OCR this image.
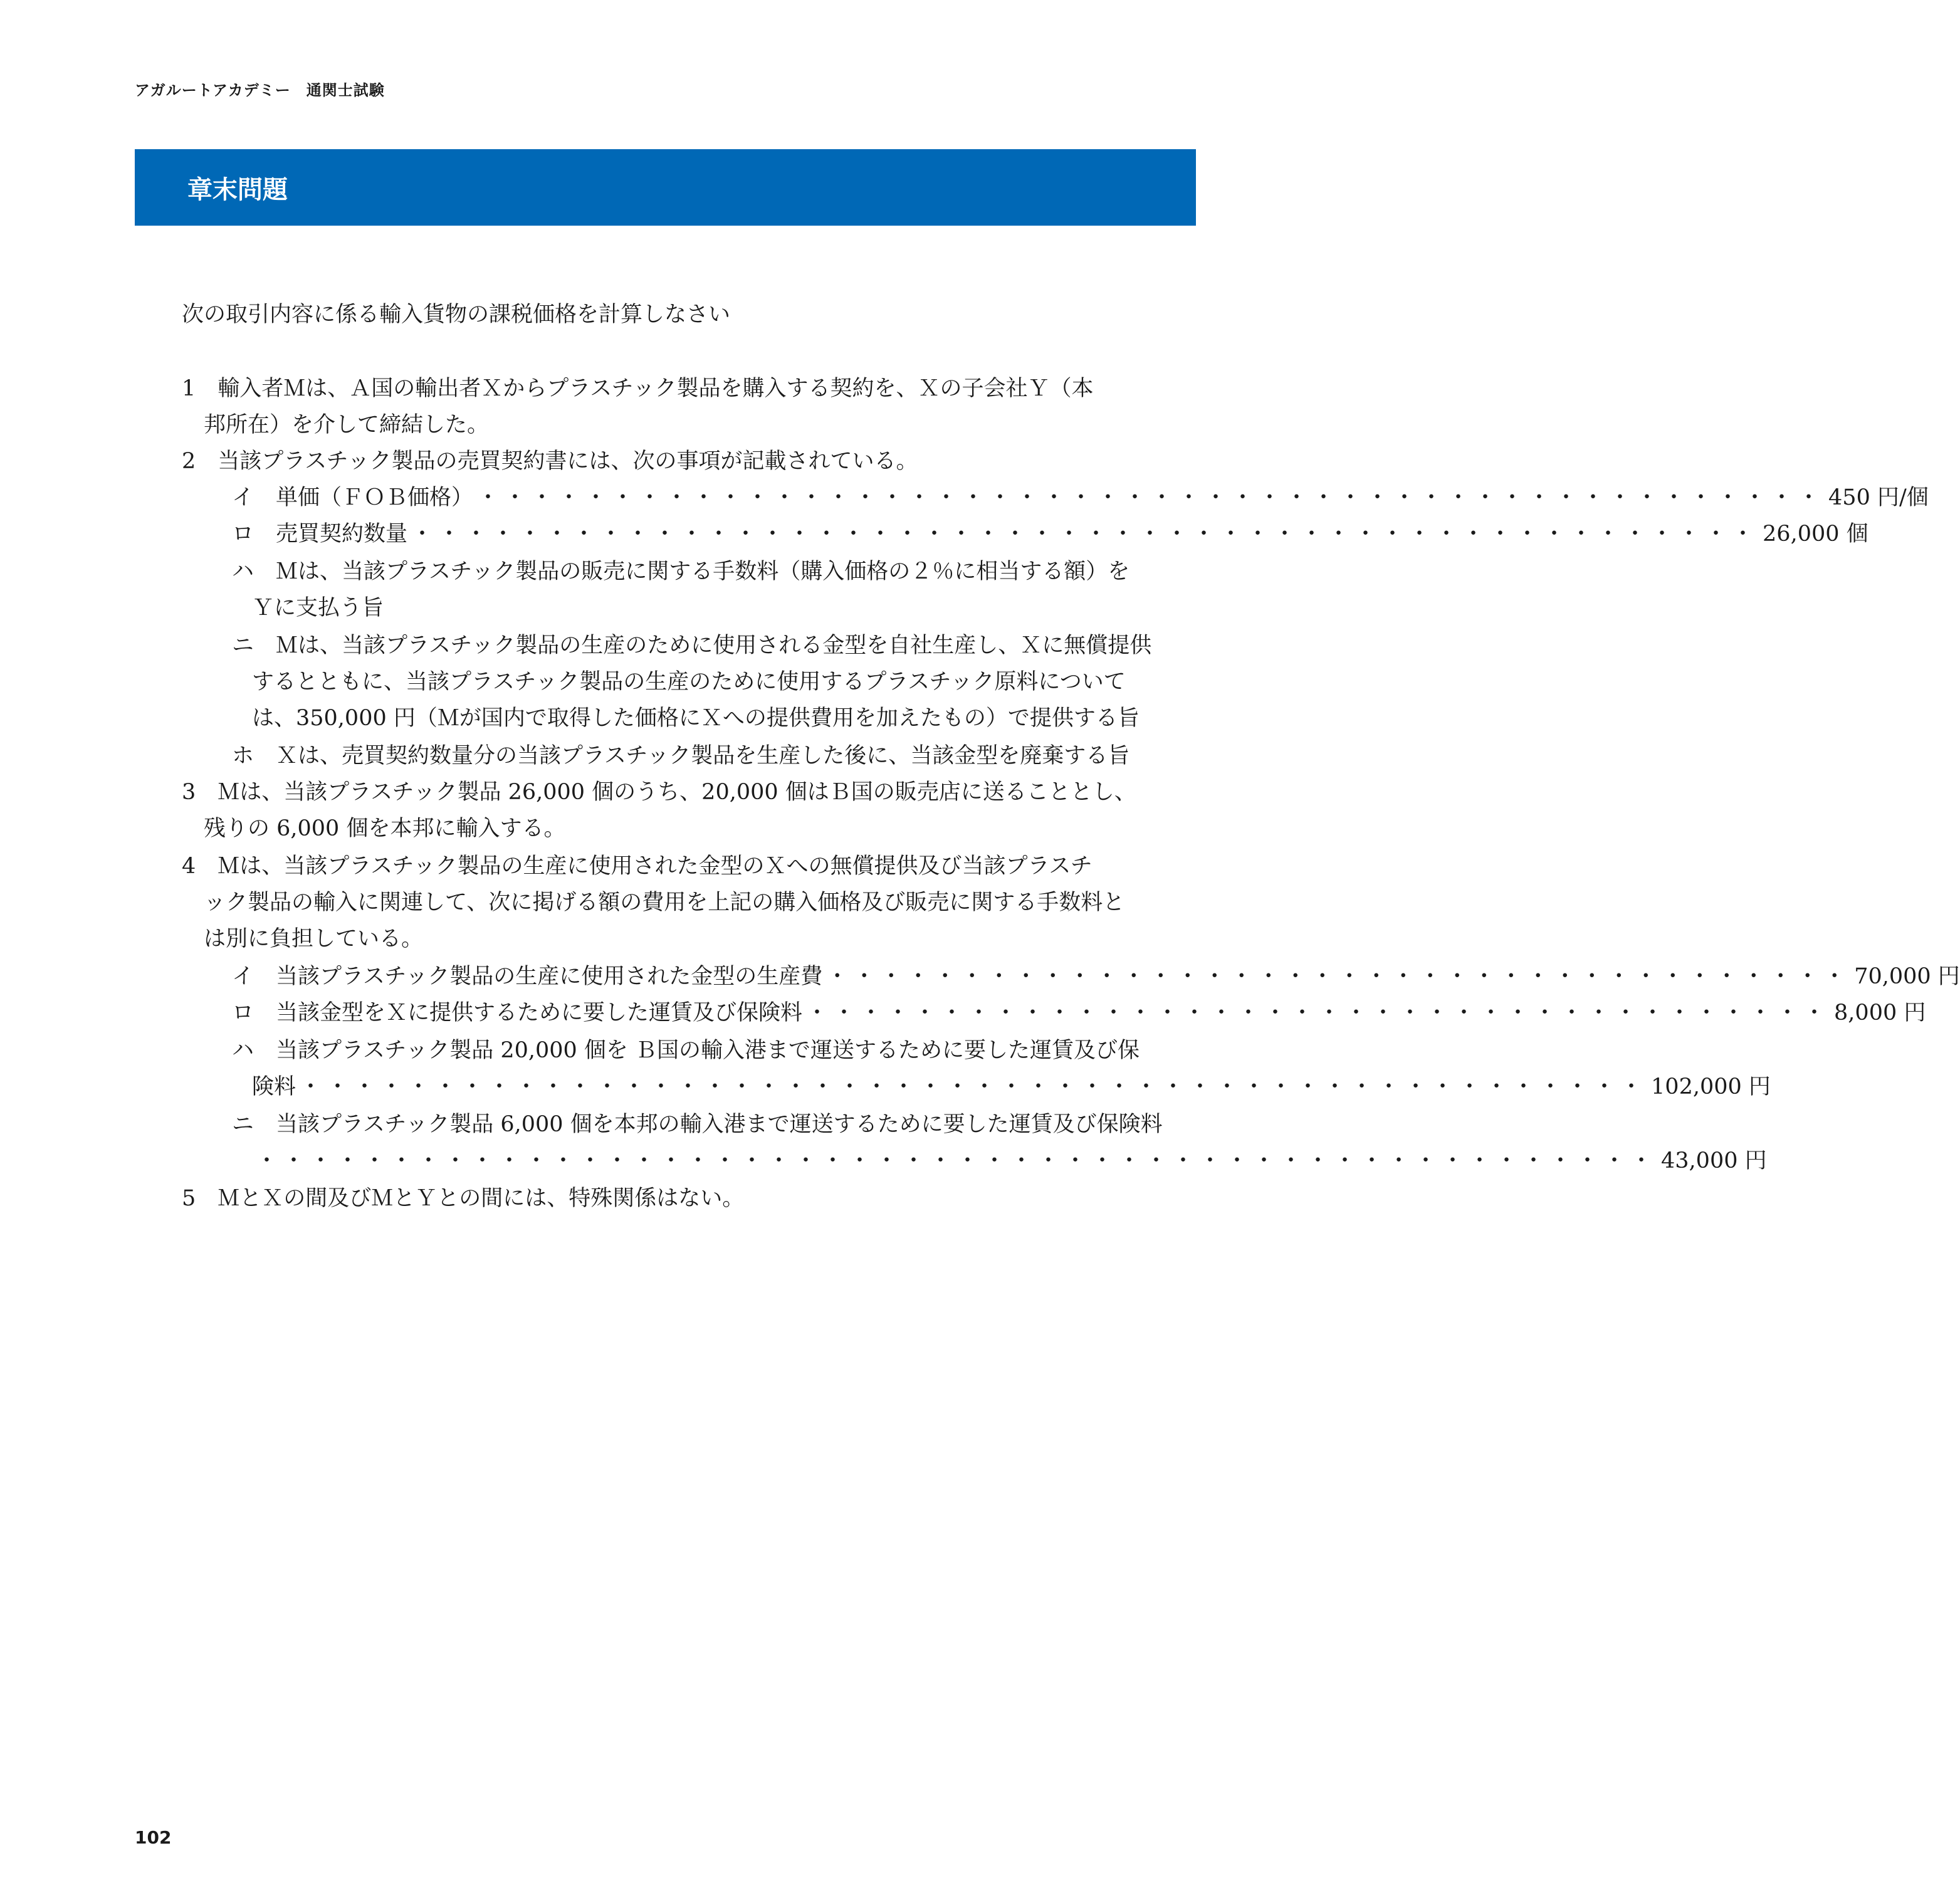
アガルートアカデミー　通関士試験
章末問題
次の取引内容に係る輸入貨物の課税価格を計算しなさい
1　輸入者Ｍは、Ａ国の輸出者Ｘからプラスチック製品を購入する契約を、Ｘの子会社Ｙ（本
邦所在）を介して締結した。
2　当該プラスチック製品の売買契約書には、次の事項が記載されている。
イ　単価（ＦＯＢ価格） ・・・・・・・・・・・・・・・・・・・・・・・・・・・・・・・・・・・・・・・・・・・・・・・・・・ 450 円/個
ロ　売買契約数量 ・・・・・・・・・・・・・・・・・・・・・・・・・・・・・・・・・・・・・・・・・・・・・・・・・・ 26,000 個
ハ　Ｍは、当該プラスチック製品の販売に関する手数料（購入価格の２％に相当する額）を
Ｙに支払う旨
ニ　Ｍは、当該プラスチック製品の生産のために使用される金型を自社生産し、Ｘに無償提供
するとともに、当該プラスチック製品の生産のために使用するプラスチック原料について
は、350,000 円（Ｍが国内で取得した価格にＸへの提供費用を加えたもの）で提供する旨
ホ　Ｘは、売買契約数量分の当該プラスチック製品を生産した後に、当該金型を廃棄する旨
3　Ｍは、当該プラスチック製品 26,000 個のうち、20,000 個はＢ国の販売店に送ることとし、
残りの 6,000 個を本邦に輸入する。
4　Ｍは、当該プラスチック製品の生産に使用された金型のＸへの無償提供及び当該プラスチ
ック製品の輸入に関連して、次に掲げる額の費用を上記の購入価格及び販売に関する手数料と
は別に負担している。
イ　当該プラスチック製品の生産に使用された金型の生産費 ・・・・・・・・・・・・・・・・・・・・・・・・・・・・・・・・・・・・・・ 70,000 円
ロ　当該金型をＸに提供するために要した運賃及び保険料 ・・・・・・・・・・・・・・・・・・・・・・・・・・・・・・・・・・・・・・ 8,000 円
ハ　当該プラスチック製品 20,000 個を Ｂ国の輸入港まで運送するために要した運賃及び保
険料 ・・・・・・・・・・・・・・・・・・・・・・・・・・・・・・・・・・・・・・・・・・・・・・・・・・ 102,000 円
ニ　当該プラスチック製品 6,000 個を本邦の輸入港まで運送するために要した運賃及び保険料
・・・・・・・・・・・・・・・・・・・・・・・・・・・・・・・・・・・・・・・・・・・・・・・・・・・・ 43,000 円
5　ＭとＸの間及びＭとＹとの間には、特殊関係はない。
102
